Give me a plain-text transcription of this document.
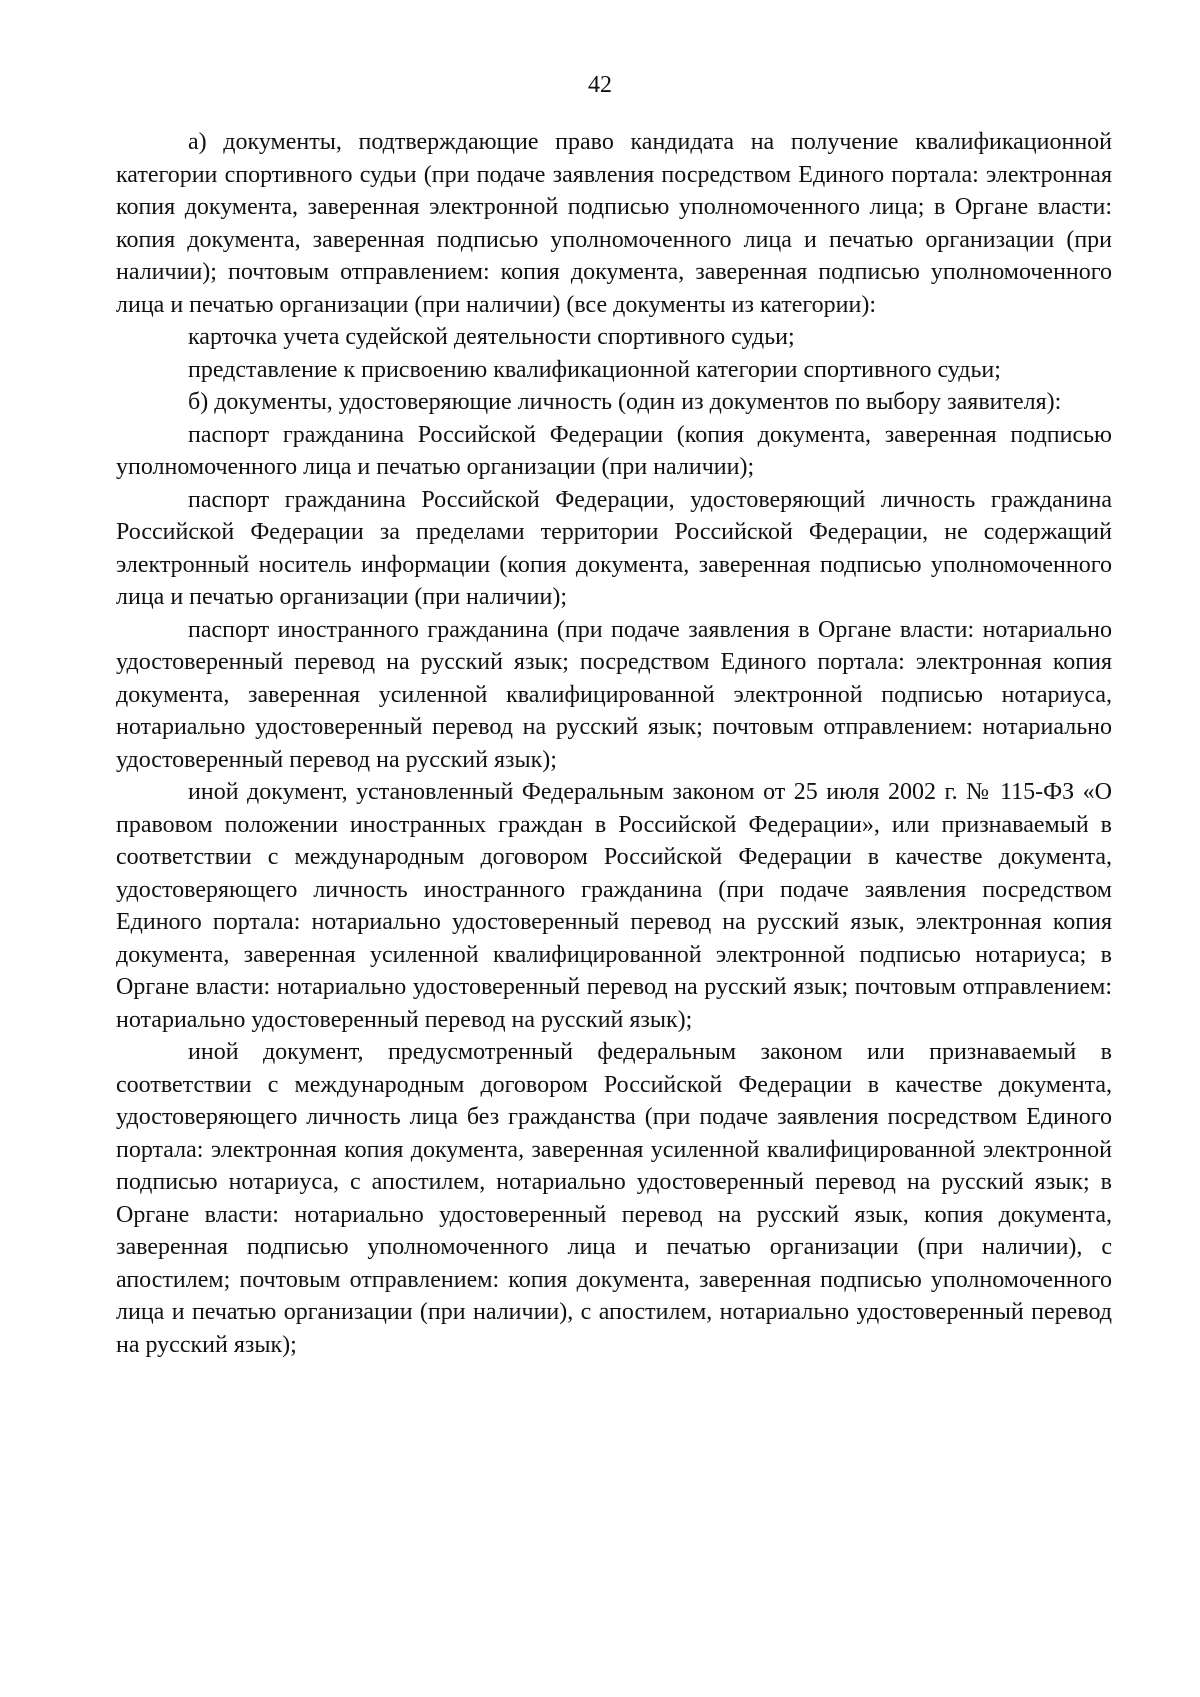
42

а) документы, подтверждающие право кандидата на получение квалификационной категории спортивного судьи (при подаче заявления посредством Единого портала: электронная копия документа, заверенная электронной подписью уполномоченного лица; в Органе власти: копия документа, заверенная подписью уполномоченного лица и печатью организации (при наличии); почтовым отправлением: копия документа, заверенная подписью уполномоченного лица и печатью организации (при наличии) (все документы из категории):

карточка учета судейской деятельности спортивного судьи;

представление к присвоению квалификационной категории спортивного судьи;

б) документы, удостоверяющие личность (один из документов по выбору заявителя):

паспорт гражданина Российской Федерации (копия документа, заверенная подписью уполномоченного лица и печатью организации (при наличии);

паспорт гражданина Российской Федерации, удостоверяющий личность гражданина Российской Федерации за пределами территории Российской Федерации, не содержащий электронный носитель информации (копия документа, заверенная подписью уполномоченного лица и печатью организации (при наличии);

паспорт иностранного гражданина (при подаче заявления в Органе власти: нотариально удостоверенный перевод на русский язык; посредством Единого портала: электронная копия документа, заверенная усиленной квалифицированной электронной подписью нотариуса, нотариально удостоверенный перевод на русский язык; почтовым отправлением: нотариально удостоверенный перевод на русский язык);

иной документ, установленный Федеральным законом от 25 июля 2002 г. № 115-ФЗ «О правовом положении иностранных граждан в Российской Федерации», или признаваемый в соответствии с международным договором Российской Федерации в качестве документа, удостоверяющего личность иностранного гражданина (при подаче заявления посредством Единого портала: нотариально удостоверенный перевод на русский язык, электронная копия документа, заверенная усиленной квалифицированной электронной подписью нотариуса; в Органе власти: нотариально удостоверенный перевод на русский язык; почтовым отправлением: нотариально удостоверенный перевод на русский язык);

иной документ, предусмотренный федеральным законом или признаваемый в соответствии с международным договором Российской Федерации в качестве документа, удостоверяющего личность лица без гражданства (при подаче заявления посредством Единого портала: электронная копия документа, заверенная усиленной квалифицированной электронной подписью нотариуса, с апостилем, нотариально удостоверенный перевод на русский язык; в Органе власти: нотариально удостоверенный перевод на русский язык, копия документа, заверенная подписью уполномоченного лица и печатью организации (при наличии), с апостилем; почтовым отправлением: копия документа, заверенная подписью уполномоченного лица и печатью организации (при наличии), с апостилем, нотариально удостоверенный перевод на русский язык);
